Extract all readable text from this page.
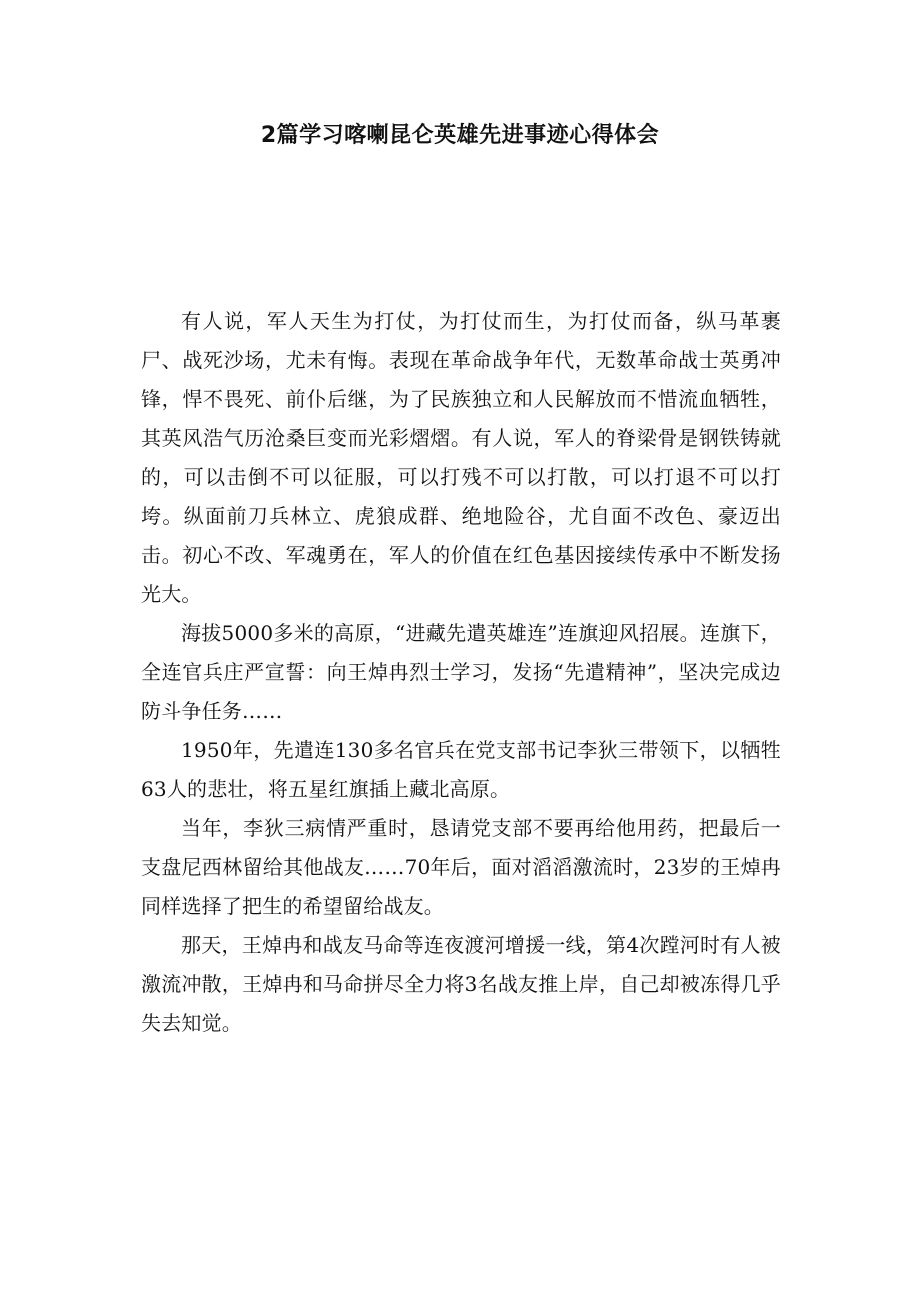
2篇学习喀喇昆仑英雄先进事迹心得体会

有人说，军人天生为打仗，为打仗而生，为打仗而备，纵马革裹尸、战死沙场，尤未有悔。表现在革命战争年代，无数革命战士英勇冲锋，悍不畏死、前仆后继，为了民族独立和人民解放而不惜流血牺牲，其英风浩气历沧桑巨变而光彩熠熠。有人说，军人的脊梁骨是钢铁铸就的，可以击倒不可以征服，可以打残不可以打散，可以打退不可以打垮。纵面前刀兵林立、虎狼成群、绝地险谷，尤自面不改色、豪迈出击。初心不改、军魂勇在，军人的价值在红色基因接续传承中不断发扬光大。

海拔5000多米的高原，“进藏先遣英雄连”连旗迎风招展。连旗下，全连官兵庄严宣誓：向王焯冉烈士学习，发扬“先遣精神”，坚决完成边防斗争任务……

1950年，先遣连130多名官兵在党支部书记李狄三带领下，以牺牲63人的悲壮，将五星红旗插上藏北高原。

当年，李狄三病情严重时，恳请党支部不要再给他用药，把最后一支盘尼西林留给其他战友……70年后，面对滔滔激流时，23岁的王焯冉同样选择了把生的希望留给战友。

那天，王焯冉和战友马命等连夜渡河增援一线，第4次蹚河时有人被激流冲散，王焯冉和马命拼尽全力将3名战友推上岸，自己却被冻得几乎失去知觉。
